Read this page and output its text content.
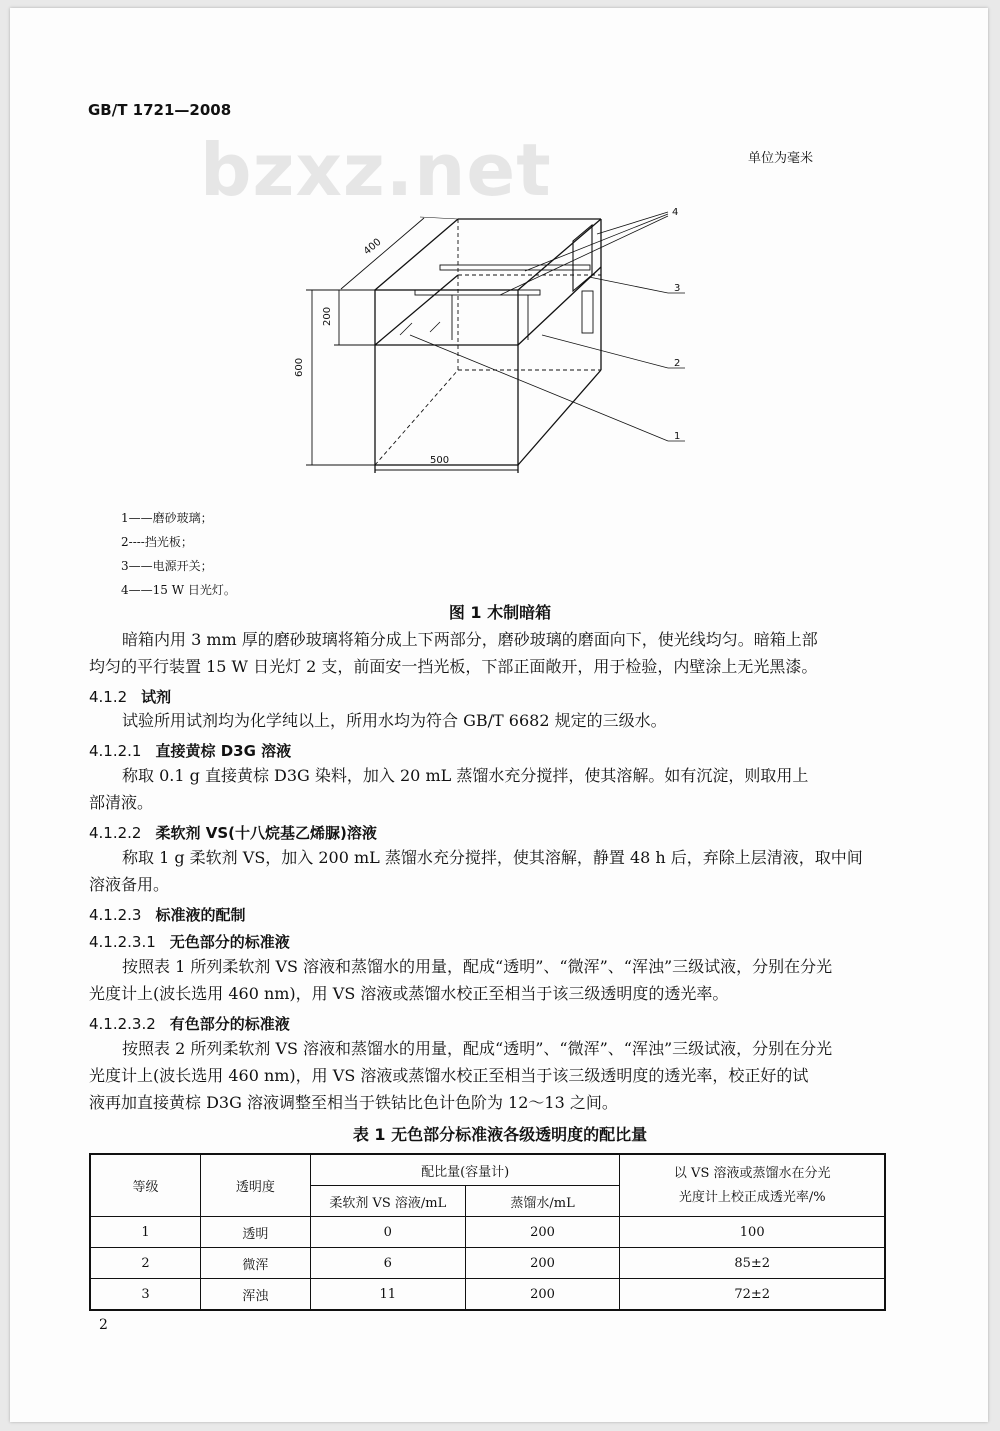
GB/T 1721—2008
bzxz.net	单位为毫米
500
600
200
400
4
3
2
1
1——磨砂玻璃；
2----挡光板；
3——电源开关；
4——15 W 日光灯。
图 1 木制暗箱
暗箱内用 3 mm 厚的磨砂玻璃将箱分成上下两部分，磨砂玻璃的磨面向下，使光线均匀。暗箱上部
均匀的平行装置 15 W 日光灯 2 支，前面安一挡光板，下部正面敞开，用于检验，内壁涂上无光黑漆。
4.1.2 试剂
试验所用试剂均为化学纯以上，所用水均为符合 GB/T 6682 规定的三级水。
4.1.2.1 直接黄棕 D3G 溶液
称取 0.1 g 直接黄棕 D3G 染料，加入 20 mL 蒸馏水充分搅拌，使其溶解。如有沉淀，则取用上
部清液。
4.1.2.2 柔软剂 VS(十八烷基乙烯脲)溶液
称取 1 g 柔软剂 VS，加入 200 mL 蒸馏水充分搅拌，使其溶解，静置 48 h 后，弃除上层清液，取中间
溶液备用。
4.1.2.3 标准液的配制
4.1.2.3.1 无色部分的标准液
按照表 1 所列柔软剂 VS 溶液和蒸馏水的用量，配成“透明”、“微浑”、“浑浊”三级试液，分别在分光
光度计上(波长选用 460 nm)，用 VS 溶液或蒸馏水校正至相当于该三级透明度的透光率。
4.1.2.3.2 有色部分的标准液
按照表 2 所列柔软剂 VS 溶液和蒸馏水的用量，配成“透明”、“微浑”、“浑浊”三级试液，分别在分光
光度计上(波长选用 460 nm)，用 VS 溶液或蒸馏水校正至相当于该三级透明度的透光率，校正好的试
液再加直接黄棕 D3G 溶液调整至相当于铁钴比色计色阶为 12～13 之间。
表 1 无色部分标准液各级透明度的配比量
等级	透明度	配比量(容量计)		以 VS 溶液或蒸馏水在分光
光度计上校正成透光率/%

		柔软剂 VS 溶液/mL	蒸馏水/mL	
1	透明	0	200	100
2	微浑	6	200	85±2
3	浑浊	11	200	72±2
2
